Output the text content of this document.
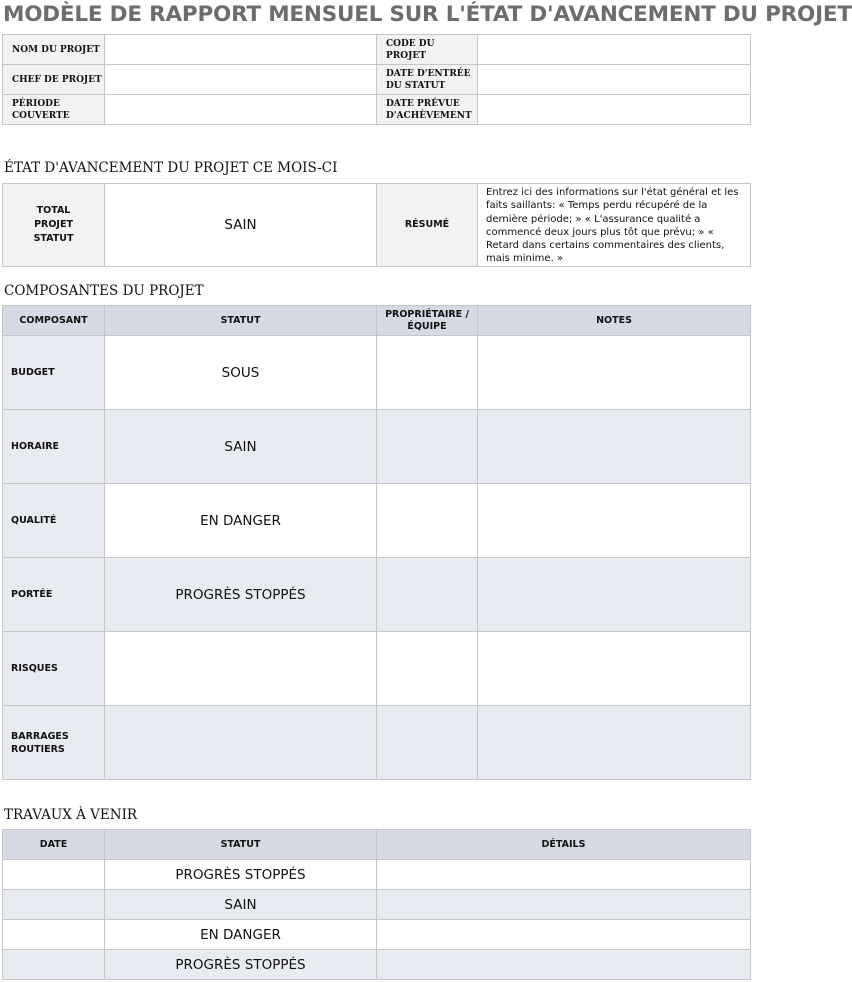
MODÈLE DE RAPPORT MENSUEL SUR L'ÉTAT D'AVANCEMENT DU PROJET
NOM DU PROJET		CODE DU PROJET	
CHEF DE PROJET		DATE D'ENTRÉE DU STATUT	
PÉRIODE COUVERTE		DATE PRÉVUE D'ACHÈVEMENT	
ÉTAT D'AVANCEMENT DU PROJET CE MOIS-CI
TOTAL PROJET STATUT	SAIN	RÉSUMÉ	Entrez ici des informations sur l'état général et les faits saillants: « Temps perdu récupéré de la dernière période; » « L'assurance qualité a commencé deux jours plus tôt que prévu; » « Retard dans certains commentaires des clients, mais minime. »
COMPOSANTES DU PROJET
COMPOSANT	STATUT	PROPRIÉTAIRE / ÉQUIPE	NOTES
BUDGET	SOUS		
HORAIRE	SAIN		
QUALITÉ	EN DANGER		
PORTÉE	PROGRÈS STOPPÉS		
RISQUES			
BARRAGES ROUTIERS			
TRAVAUX À VENIR
DATE	STATUT	DÉTAILS
	PROGRÈS STOPPÉS	
	SAIN	
	EN DANGER	
	PROGRÈS STOPPÉS	
